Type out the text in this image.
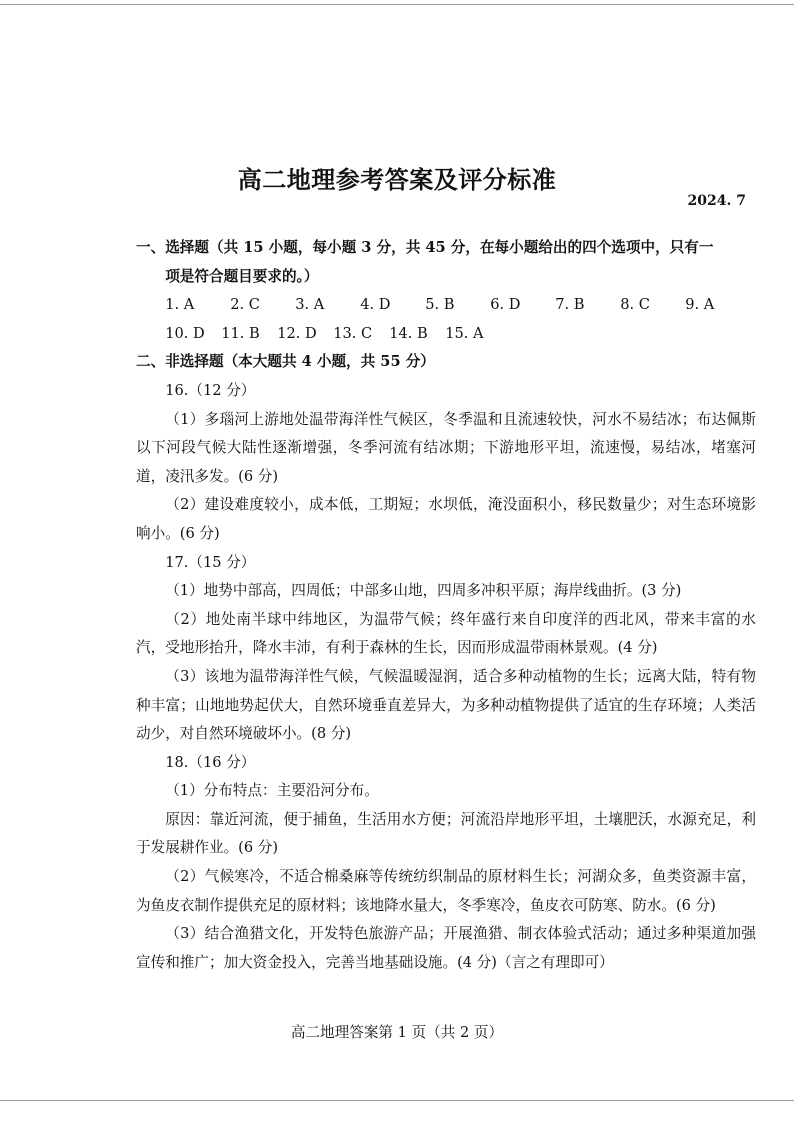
高二地理参考答案及评分标准
2024. 7

一、选择题（共 15 小题，每小题 3 分，共 45 分，在每小题给出的四个选项中，只有一

项是符合题目要求的。）

1. A	2. C	3. A	4. D	5. B	6. D	7. B	8. C	9. A
10. D	11. B	12. D	13. C	14. B	15. A

二、非选择题（本大题共 4 小题，共 55 分）

16.（12 分）

（1）多瑙河上游地处温带海洋性气候区，冬季温和且流速较快，河水不易结冰；布达佩斯以下河段气候大陆性逐渐增强，冬季河流有结冰期；下游地形平坦，流速慢，易结冰，堵塞河道，凌汛多发。(6 分)

（2）建设难度较小，成本低，工期短；水坝低，淹没面积小，移民数量少；对生态环境影响小。(6 分)

17.（15 分）

（1）地势中部高，四周低；中部多山地，四周多冲积平原；海岸线曲折。(3 分)

（2）地处南半球中纬地区，为温带气候；终年盛行来自印度洋的西北风，带来丰富的水汽，受地形抬升，降水丰沛，有利于森林的生长，因而形成温带雨林景观。(4 分)

（3）该地为温带海洋性气候，气候温暖湿润，适合多种动植物的生长；远离大陆，特有物种丰富；山地地势起伏大，自然环境垂直差异大，为多种动植物提供了适宜的生存环境；人类活动少，对自然环境破坏小。(8 分)

18.（16 分）

（1）分布特点：主要沿河分布。

原因：靠近河流，便于捕鱼，生活用水方便；河流沿岸地形平坦，土壤肥沃，水源充足，利于发展耕作业。(6 分)

（2）气候寒冷，不适合棉桑麻等传统纺织制品的原材料生长；河湖众多，鱼类资源丰富，为鱼皮衣制作提供充足的原材料；该地降水量大，冬季寒冷，鱼皮衣可防寒、防水。(6 分)

（3）结合渔猎文化，开发特色旅游产品；开展渔猎、制衣体验式活动；通过多种渠道加强宣传和推广；加大资金投入，完善当地基础设施。(4 分)（言之有理即可）

高二地理答案第 1 页（共 2 页）
